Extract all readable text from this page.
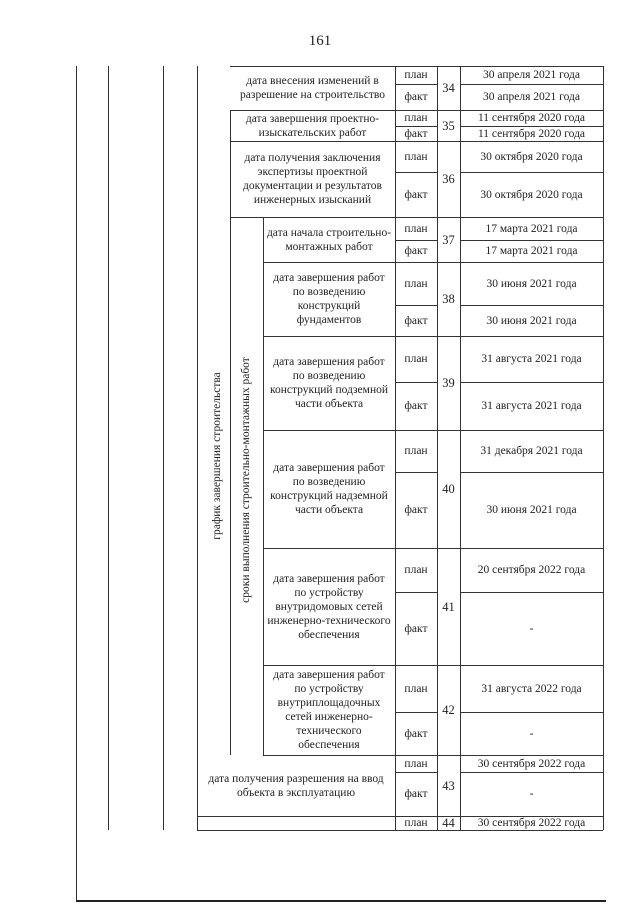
161
дата внесения изменений в разрешение на строительство	34
план	30 апреля 2021 года
факт	30 апреля 2021 года
дата завершения проектно-изыскательских работ	35
план	11 сентября 2020 года
факт	11 сентября 2020 года
дата получения заключения экспертизы проектной документации и результатов инженерных изысканий
36
план	30 октября 2020 года
факт	30 октября 2020 года
дата начала строительно-монтажных работ	37
план	17 марта 2021 года
факт	17 марта 2021 года
дата завершения работ по возведению конструкций фундаментов
38
план	30 июня 2021 года
факт	30 июня 2021 года
дата завершения работ по возведению конструкций подземной части объекта
39
план	31 августа 2021 года
факт	31 августа 2021 года
дата завершения работ по возведению конструкций надземной части объекта
40
план	31 декабря 2021 года
факт	30 июня 2021 года
дата завершения работ по устройству внутридомовых сетей инженерно-технического обеспечения
41
план	20 сентября 2022 года
факт	-
дата завершения работ по устройству внутриплощадочных сетей инженерно-технического обеспечения
42
план	31 августа 2022 года
факт	-
дата получения разрешения на ввод объекта в эксплуатацию	43
план	30 сентября 2022 года
факт	-
44
план	30 сентября 2022 года
график завершения строительства сроки выполнения строительно-монтажных работ
